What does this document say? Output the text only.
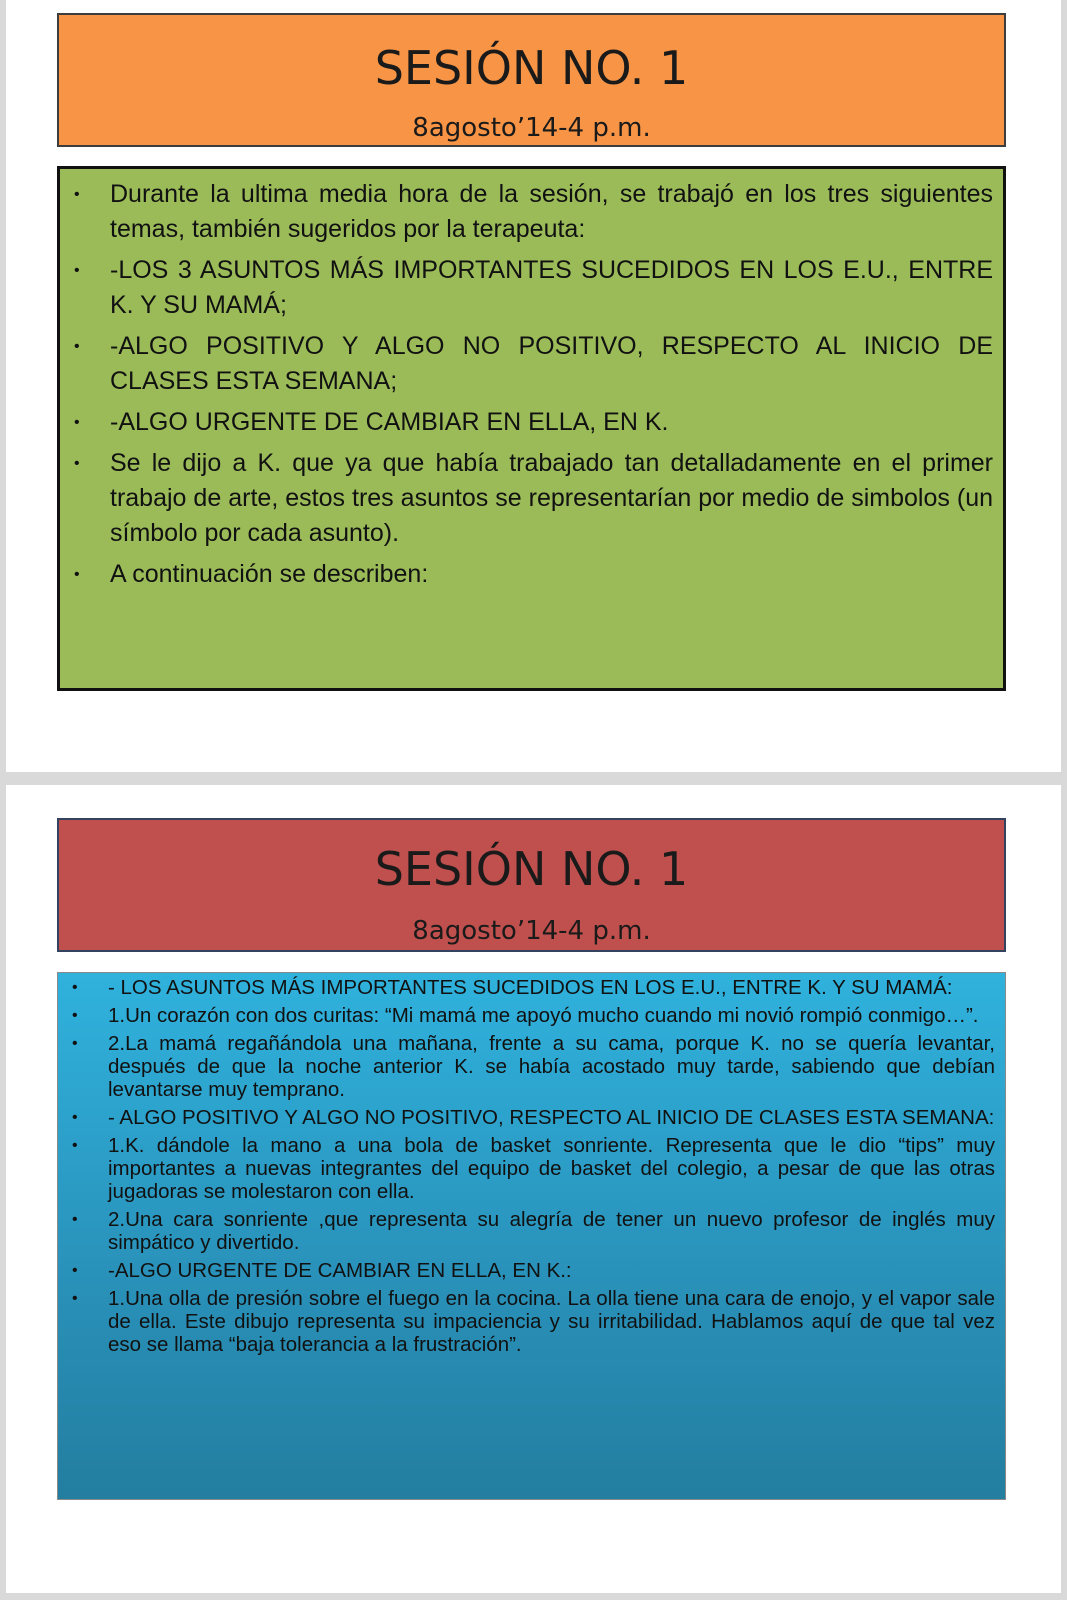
SESIÓN NO. 1

8agosto’14-4 p.m.

• Durante la ultima media hora de la sesión, se trabajó en los tres siguientes temas, también sugeridos por la terapeuta:
• -LOS 3 ASUNTOS MÁS IMPORTANTES SUCEDIDOS EN LOS E.U., ENTRE K. Y SU MAMÁ;
• -ALGO POSITIVO Y ALGO NO POSITIVO, RESPECTO AL INICIO DE CLASES ESTA SEMANA;
• -ALGO URGENTE DE CAMBIAR EN ELLA, EN K.
• Se le dijo a K. que ya que había trabajado tan detalladamente en el primer trabajo de arte, estos tres asuntos se representarían por medio de simbolos (un símbolo por cada asunto).
• A continuación se describen:

SESIÓN NO. 1

8agosto’14-4 p.m.

• - LOS ASUNTOS MÁS IMPORTANTES SUCEDIDOS EN LOS E.U., ENTRE K. Y SU MAMÁ:
• 1.Un corazón con dos curitas: “Mi mamá me apoyó mucho cuando mi novió rompió conmigo…”.
• 2.La mamá regañándola una mañana, frente a su cama, porque K. no se quería levantar, después de que la noche anterior K. se había acostado muy tarde, sabiendo que debían levantarse muy temprano.
• - ALGO POSITIVO Y ALGO NO POSITIVO, RESPECTO AL INICIO DE CLASES ESTA SEMANA:
• 1.K. dándole la mano a una bola de basket sonriente. Representa que le dio “tips” muy importantes a nuevas integrantes del equipo de basket del colegio, a pesar de que las otras jugadoras se molestaron con ella.
• 2.Una cara sonriente ,que representa su alegría de tener un nuevo profesor de inglés muy simpático y divertido.
• -ALGO URGENTE DE CAMBIAR EN ELLA, EN K.:
• 1.Una olla de presión sobre el fuego en la cocina. La olla tiene una cara de enojo, y el vapor sale de ella. Este dibujo representa su impaciencia y su irritabilidad. Hablamos aquí de que tal vez eso se llama “baja tolerancia a la frustración”.
